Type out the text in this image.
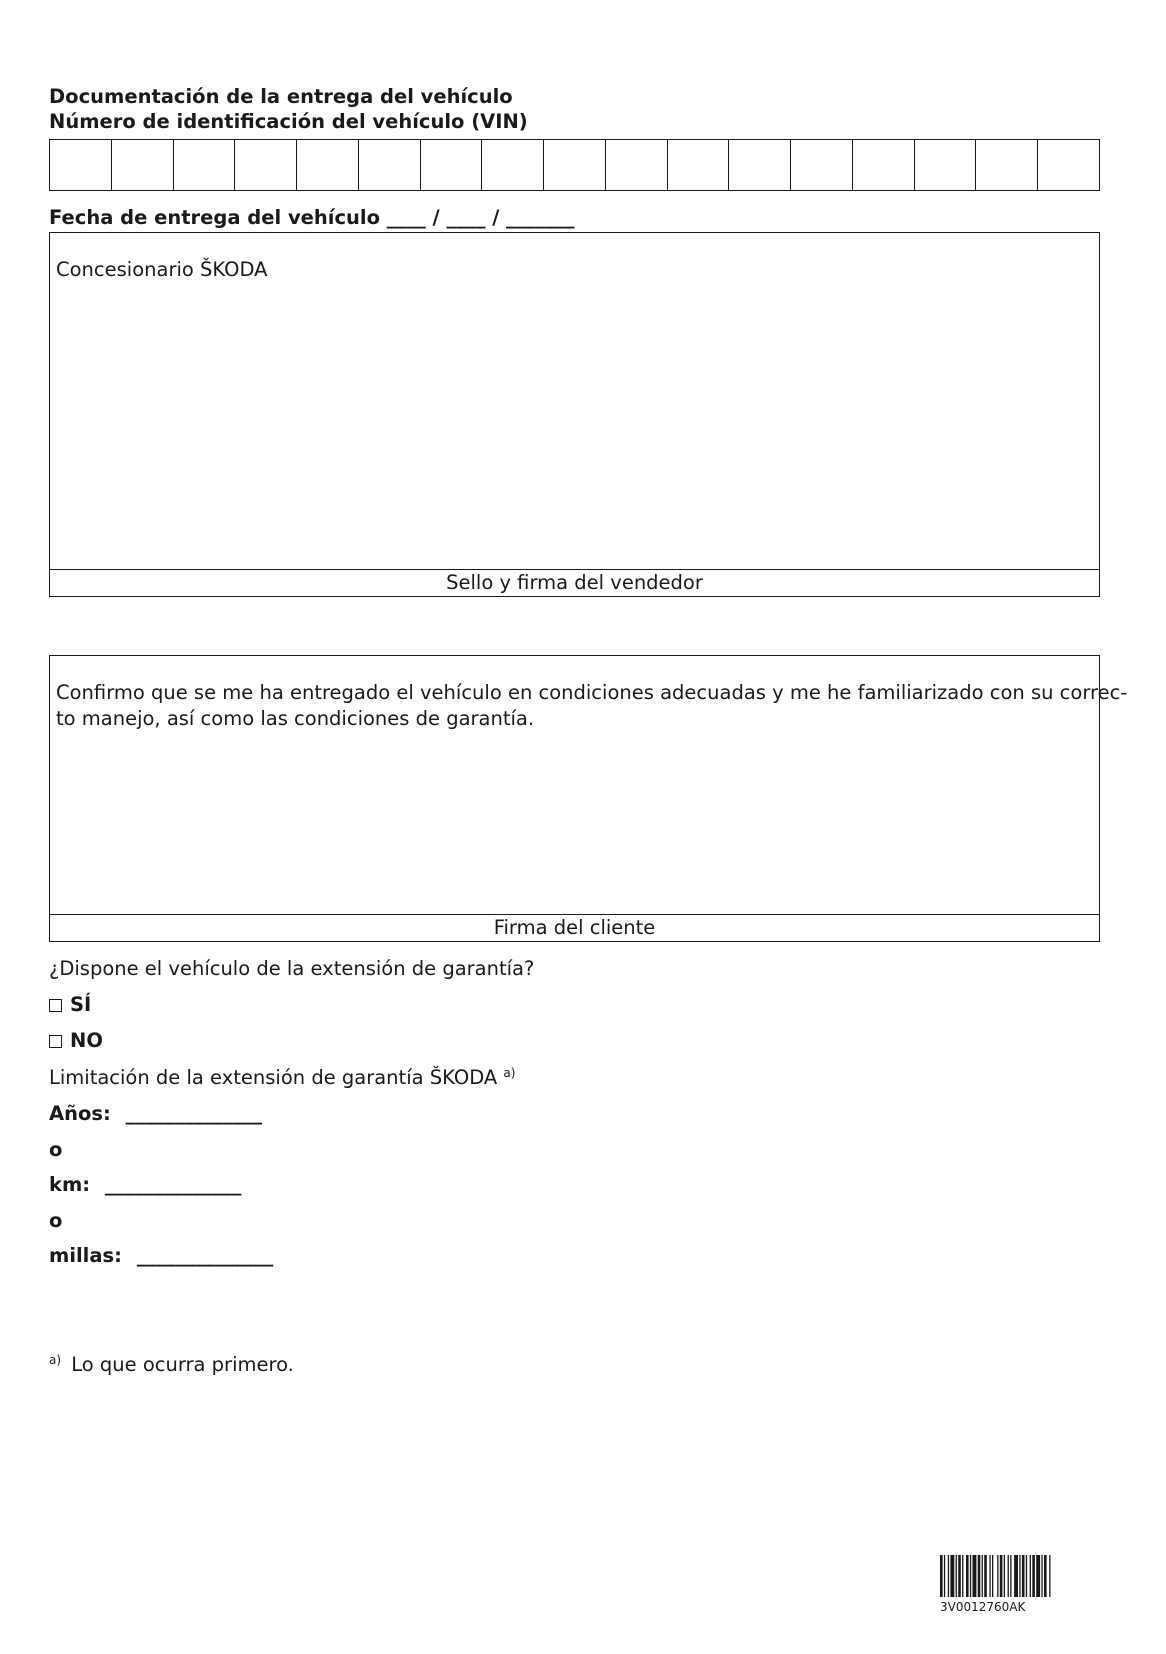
Documentación de la entrega del vehículo
Número de identificación del vehículo (VIN)
Fecha de entrega del vehículo ____ / ____ / _______
Concesionario ŠKODA
Sello y firma del vendedor
Confirmo que se me ha entregado el vehículo en condiciones adecuadas y me he familiarizado con su correc-
to manejo, así como las condiciones de garantía.
Firma del cliente
¿Dispone el vehículo de la extensión de garantía?
SÍ
NO
Limitación de la extensión de garantía ŠKODA $^{a)}$
Años: ______________
o
km: ______________
o
millas: ______________
$^{a)}$ Lo que ocurra primero.
3V0012760AK
